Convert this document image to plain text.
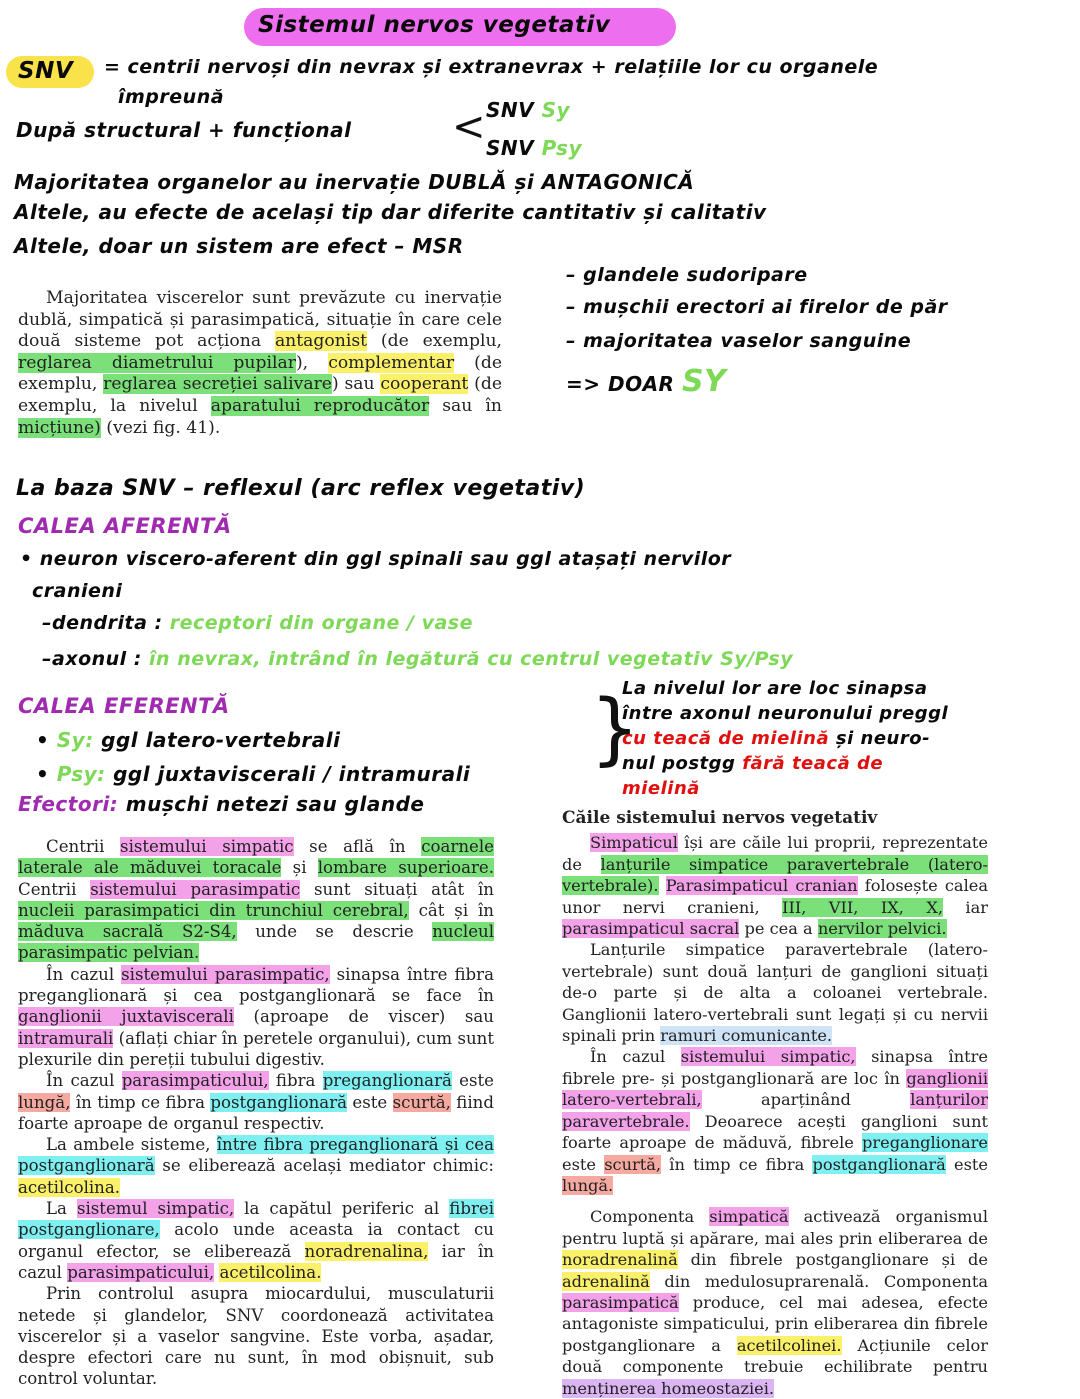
Sistemul nervos vegetativ
SNV = centrii nervoși din nevrax și extranevrax + relațiile lor cu organele
împreună
După structural + funcțional	< SNV Sy
SNV Psy
Majoritatea organelor au inervație DUBLĂ și ANTAGONICĂ
Altele, au efecte de același tip dar diferite cantitativ și calitativ
Altele, doar un sistem are efect – MSR
– glandele sudoripare
– mușchii erectori ai firelor de păr
– majoritatea vaselor sanguine
=> DOAR SY

Majoritatea viscerelor sunt prevăzute cu inervație dublă, simpatică și parasimpatică, situație în care cele două sisteme pot acționa antagonist (de exemplu, reglarea diametrului pupilar), complementar (de exemplu, reglarea secreției salivare) sau cooperant (de exemplu, la nivelul aparatului reproducător sau în micțiune) (vezi fig. 41).

La baza SNV – reflexul (arc reflex vegetativ)
CALEA AFERENTĂ
• neuron viscero-aferent din ggl spinali sau ggl atașați nervilor
cranieni
–dendrita : receptori din organe / vase
–axonul : în nevrax, intrând în legătură cu centrul vegetativ Sy/Psy
CALEA EFERENTĂ
• Sy: ggl latero-vertebrali
• Psy: ggl juxtaviscerali / intramurali
Efectori: mușchi netezi sau glande
}
La nivelul lor are loc sinapsa
între axonul neuronului preggl
cu teacă de mielină și neuro-
nul postgg fără teacă de
mielină

Centrii sistemului simpatic se află în coarnele laterale ale măduvei toracale și lombare superioare. Centrii sistemului parasimpatic sunt situați atât în nucleii parasimpatici din trunchiul cerebral, cât și în măduva sacrală S2-S4, unde se descrie nucleul parasimpatic pelvian.

În cazul sistemului parasimpatic, sinapsa între fibra preganglionară și cea postganglionară se face în ganglionii juxtaviscerali (aproape de viscer) sau intramurali (aflați chiar în peretele organului), cum sunt plexurile din pereții tubului digestiv.

În cazul parasimpaticului, fibra preganglionară este lungă, în timp ce fibra postganglionară este scurtă, fiind foarte aproape de organul respectiv.

La ambele sisteme, între fibra preganglionară și cea postganglionară se eliberează același mediator chimic: acetilcolina.

La sistemul simpatic, la capătul periferic al fibrei postganglionare, acolo unde aceasta ia contact cu organul efector, se eliberează noradrenalina, iar în cazul parasimpaticului, acetilcolina.

Prin controlul asupra miocardului, musculaturii netede și glandelor, SNV coordonează activitatea viscerelor și a vaselor sangvine. Este vorba, așadar, despre efectori care nu sunt, în mod obișnuit, sub control voluntar.

Căile sistemului nervos vegetativ

Simpaticul își are căile lui proprii, reprezentate de lanțurile simpatice paravertebrale (latero-vertebrale). Parasimpaticul cranian folosește calea unor nervi cranieni, III, VII, IX, X, iar parasimpaticul sacral pe cea a nervilor pelvici.

Lanțurile simpatice paravertebrale (latero-vertebrale) sunt două lanțuri de ganglioni situați de-o parte și de alta a coloanei vertebrale. Ganglionii latero-vertebrali sunt legați și cu nervii spinali prin ramuri comunicante.

În cazul sistemului simpatic, sinapsa între fibrele pre- și postganglionară are loc în ganglionii latero-vertebrali, aparținând lanțurilor paravertebrale. Deoarece acești ganglioni sunt foarte aproape de măduvă, fibrele preganglionare este scurtă, în timp ce fibra postganglionară este lungă.

Componenta simpatică activează organismul pentru luptă și apărare, mai ales prin eliberarea de noradrenalină din fibrele postganglionare și de adrenalină din medulosuprarenală. Componenta parasimpatică produce, cel mai adesea, efecte antagoniste simpaticului, prin eliberarea din fibrele postganglionare a acetilcolinei. Acțiunile celor două componente trebuie echilibrate pentru menținerea homeostaziei.
